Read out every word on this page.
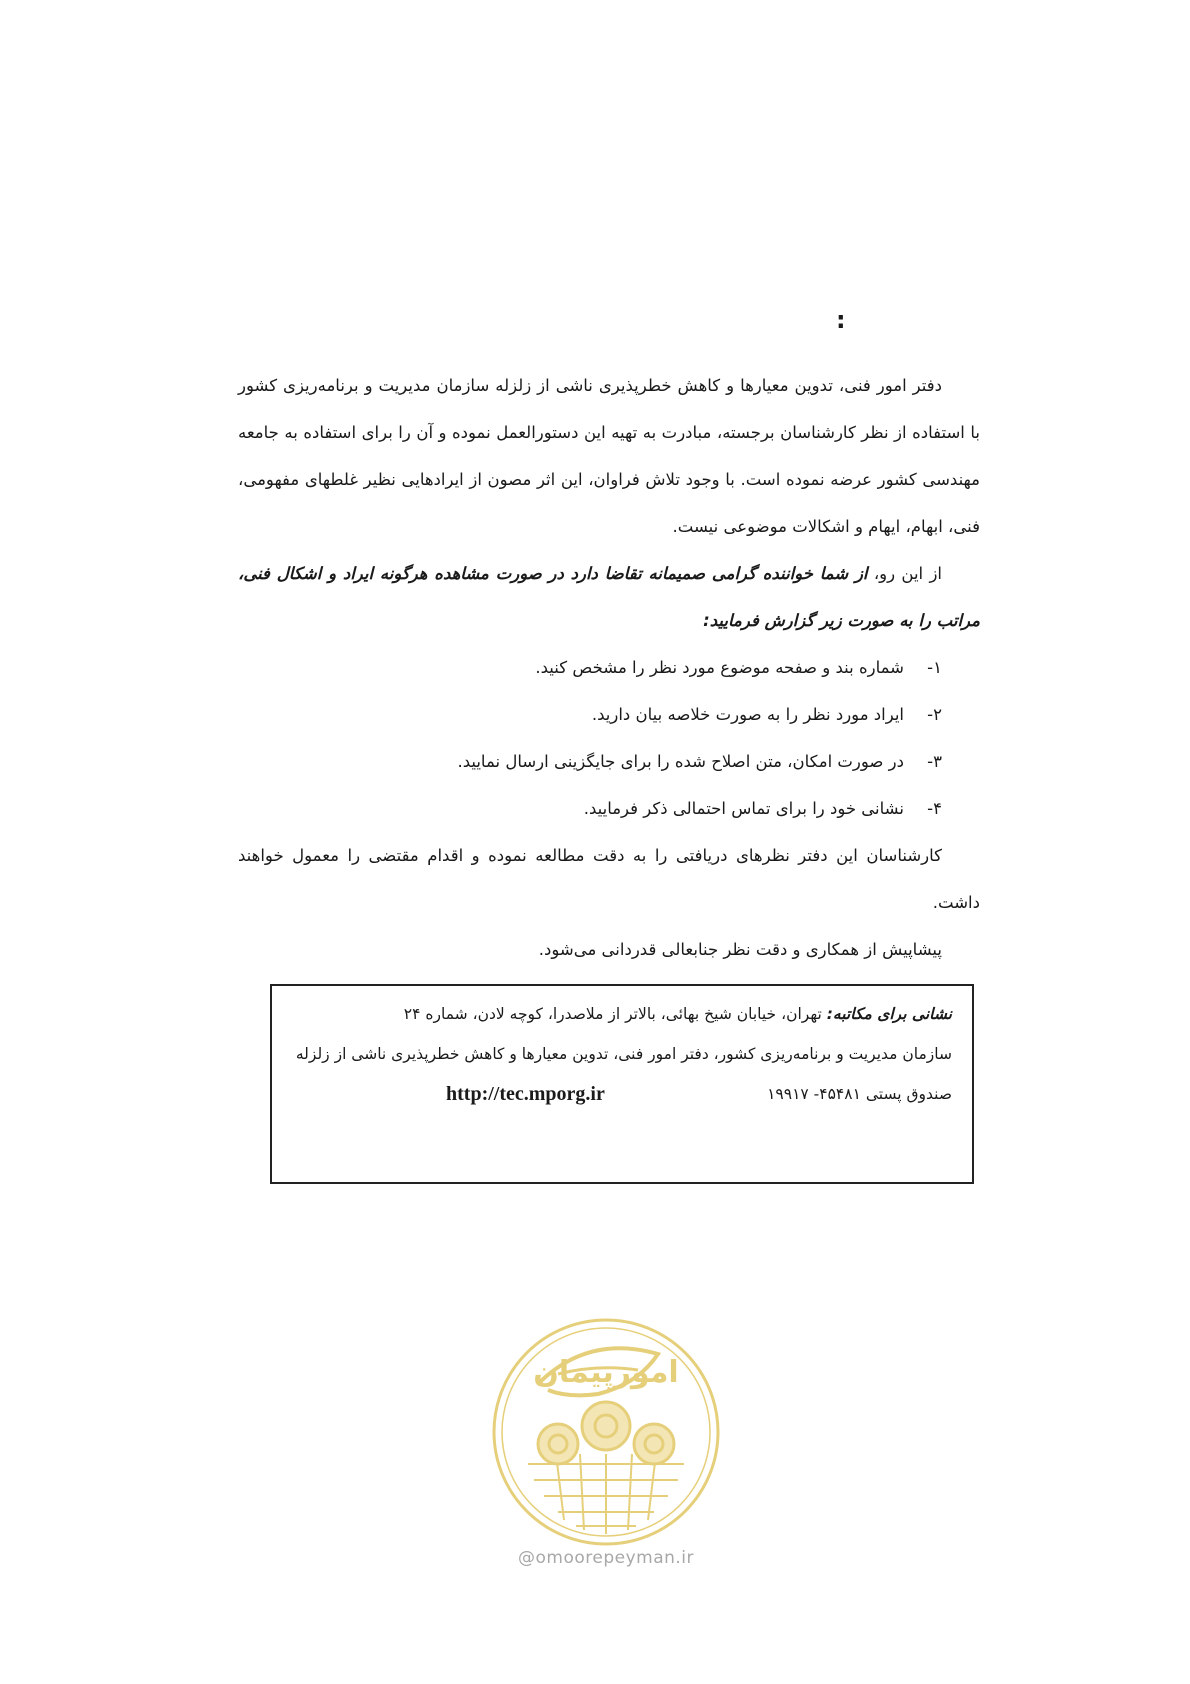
:

دفتر امور فنی، تدوین معیارها و کاهش خطرپذیری ناشی از زلزله سازمان مدیریت و برنامه‌ریزی کشور با استفاده از نظر کارشناسان برجسته، مبادرت به تهیه این دستورالعمل نموده و آن را برای استفاده به جامعه مهندسی کشور عرضه نموده است. با وجود تلاش فراوان، این اثر مصون از ایرادهایی نظیر غلطهای مفهومی، فنی، ابهام، ایهام و اشکالات موضوعی نیست.

از این رو، از شما خواننده گرامی صمیمانه تقاضا دارد در صورت مشاهده هرگونه ایراد و اشکال فنی، مراتب را به صورت زیر گزارش فرمایید:

۱-
شماره بند و صفحه موضوع مورد نظر را مشخص کنید.
۲-
ایراد مورد نظر را به صورت خلاصه بیان دارید.
۳-
در صورت امکان، متن اصلاح شده را برای جایگزینی ارسال نمایید.
۴-
نشانی خود را برای تماس احتمالی ذکر فرمایید.

کارشناسان این دفتر نظرهای دریافتی را به دقت مطالعه نموده و اقدام مقتضی را معمول خواهند داشت.

پیشاپیش از همکاری و دقت نظر جنابعالی قدردانی می‌شود.

نشانی برای مکاتبه: تهران، خیابان شیخ بهائی، بالاتر از ملاصدرا، کوچه لادن، شماره ۲۴

سازمان مدیریت و برنامه‌ریزی کشور، دفتر امور فنی، تدوین معیارها و کاهش خطرپذیری ناشی از زلزله

صندوق پستی ۴۵۴۸۱- ۱۹۹۱۷
http://tec.mporg.ir
امورپیمان
@omoorepeyman.ir
